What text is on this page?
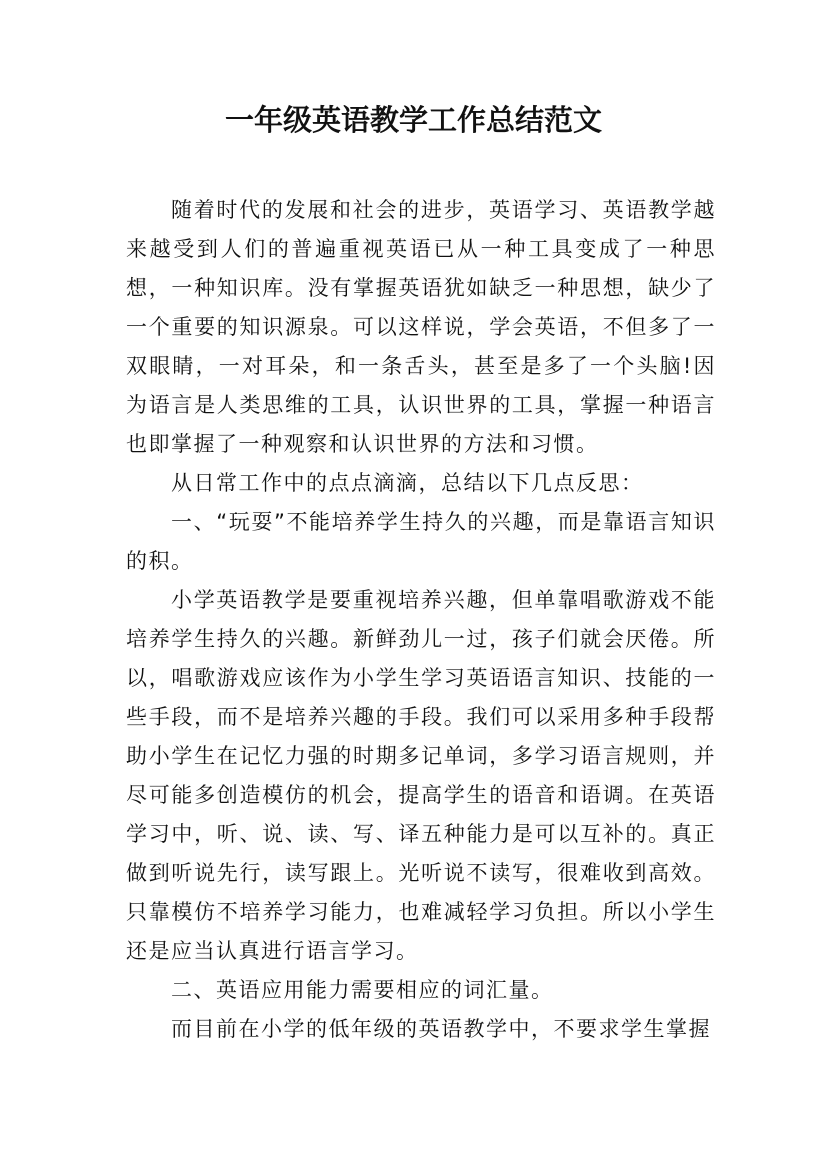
一年级英语教学工作总结范文

随着时代的发展和社会的进步，英语学习、英语教学越来越受到人们的普遍重视英语已从一种工具变成了一种思想，一种知识库。没有掌握英语犹如缺乏一种思想，缺少了一个重要的知识源泉。可以这样说，学会英语，不但多了一双眼睛，一对耳朵，和一条舌头，甚至是多了一个头脑!因为语言是人类思维的工具，认识世界的工具，掌握一种语言也即掌握了一种观察和认识世界的方法和习惯。

从日常工作中的点点滴滴，总结以下几点反思：

一、“玩耍”不能培养学生持久的兴趣，而是靠语言知识的积。

小学英语教学是要重视培养兴趣，但单靠唱歌游戏不能培养学生持久的兴趣。新鲜劲儿一过，孩子们就会厌倦。所以，唱歌游戏应该作为小学生学习英语语言知识、技能的一些手段，而不是培养兴趣的手段。我们可以采用多种手段帮助小学生在记忆力强的时期多记单词，多学习语言规则，并尽可能多创造模仿的机会，提高学生的语音和语调。在英语学习中，听、说、读、写、译五种能力是可以互补的。真正做到听说先行，读写跟上。光听说不读写，很难收到高效。只靠模仿不培养学习能力，也难减轻学习负担。所以小学生还是应当认真进行语言学习。

二、英语应用能力需要相应的词汇量。

而目前在小学的低年级的英语教学中，不要求学生掌握
